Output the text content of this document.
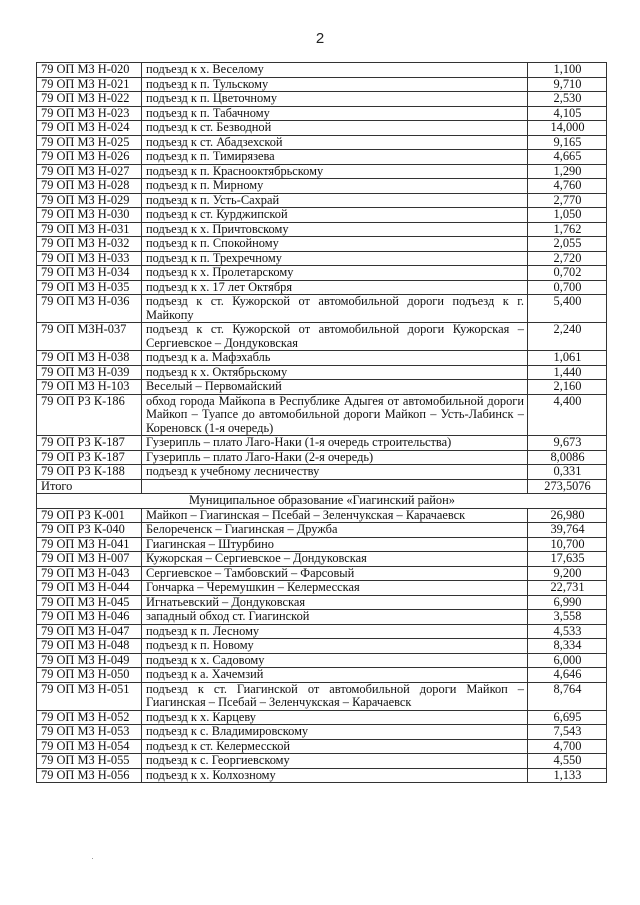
2
79 ОП МЗ Н-020	подъезд к х. Веселому	1,100
79 ОП МЗ Н-021	подъезд к п. Тульскому	9,710
79 ОП МЗ Н-022	подъезд к п. Цветочному	2,530
79 ОП МЗ Н-023	подъезд к п. Табачному	4,105
79 ОП МЗ Н-024	подъезд к ст. Безводной	14,000
79 ОП МЗ Н-025	подъезд к ст. Абадзехской	9,165
79 ОП МЗ Н-026	подъезд к п. Тимирязева	4,665
79 ОП МЗ Н-027	подъезд к п. Краснооктябрьскому	1,290
79 ОП МЗ Н-028	подъезд к п. Мирному	4,760
79 ОП МЗ Н-029	подъезд к п. Усть-Сахрай	2,770
79 ОП МЗ Н-030	подъезд к ст. Курджипской	1,050
79 ОП МЗ Н-031	подъезд к х. Причтовскому	1,762
79 ОП МЗ Н-032	подъезд к п. Спокойному	2,055
79 ОП МЗ Н-033	подъезд к п. Трехречному	2,720
79 ОП МЗ Н-034	подъезд к х. Пролетарскому	0,702
79 ОП МЗ Н-035	подъезд к х. 17 лет Октября	0,700
79 ОП МЗ Н-036	подъезд к ст. Кужорской от автомобильной дороги подъезд к г. Майкопу	5,400
79 ОП МЗН-037	подъезд к ст. Кужорской от автомобильной дороги Кужорская – Сергиевское – Дондуковская	2,240
79 ОП МЗ Н-038	подъезд к а. Мафэхабль	1,061
79 ОП МЗ Н-039	подъезд к х. Октябрьскому	1,440
79 ОП МЗ Н-103	Веселый – Первомайский	2,160
79 ОП РЗ К-186	обход города Майкопа в Республике Адыгея от автомобильной дороги Майкоп – Туапсе до автомобильной дороги Майкоп – Усть-Лабинск – Кореновск (1-я очередь)	4,400
79 ОП РЗ К-187	Гузерипль – плато Лаго-Наки (1-я очередь строительства)	9,673
79 ОП РЗ К-187	Гузерипль – плато Лаго-Наки (2-я очередь)	8,0086
79 ОП РЗ К-188	подъезд к учебному лесничеству	0,331
Итого		273,5076
Муниципальное образование «Гиагинский район»		
79 ОП РЗ К-001	Майкоп – Гиагинская – Псебай – Зеленчукская – Карачаевск	26,980
79 ОП РЗ К-040	Белореченск – Гиагинская – Дружба	39,764
79 ОП МЗ Н-041	Гиагинская – Штурбино	10,700
79 ОП МЗ Н-007	Кужорская – Сергиевское – Дондуковская	17,635
79 ОП МЗ Н-043	Сергиевское – Тамбовский – Фарсовый	9,200
79 ОП МЗ Н-044	Гончарка – Черемушкин – Келермесская	22,731
79 ОП МЗ Н-045	Игнатьевский – Дондуковская	6,990
79 ОП МЗ Н-046	западный обход ст. Гиагинской	3,558
79 ОП МЗ Н-047	подъезд к п. Лесному	4,533
79 ОП МЗ Н-048	подъезд к п. Новому	8,334
79 ОП МЗ Н-049	подъезд к х. Садовому	6,000
79 ОП МЗ Н-050	подъезд к а. Хачемзий	4,646
79 ОП МЗ Н-051	подъезд к ст. Гиагинской от автомобильной дороги Майкоп – Гиагинская – Псебай – Зеленчукская – Карачаевск	8,764
79 ОП МЗ Н-052	подъезд к х. Карцеву	6,695
79 ОП МЗ Н-053	подъезд к с. Владимировскому	7,543
79 ОП МЗ Н-054	подъезд к ст. Келермесской	4,700
79 ОП МЗ Н-055	подъезд к с. Георгиевскому	4,550
79 ОП МЗ Н-056	подъезд к х. Колхозному	1,133
